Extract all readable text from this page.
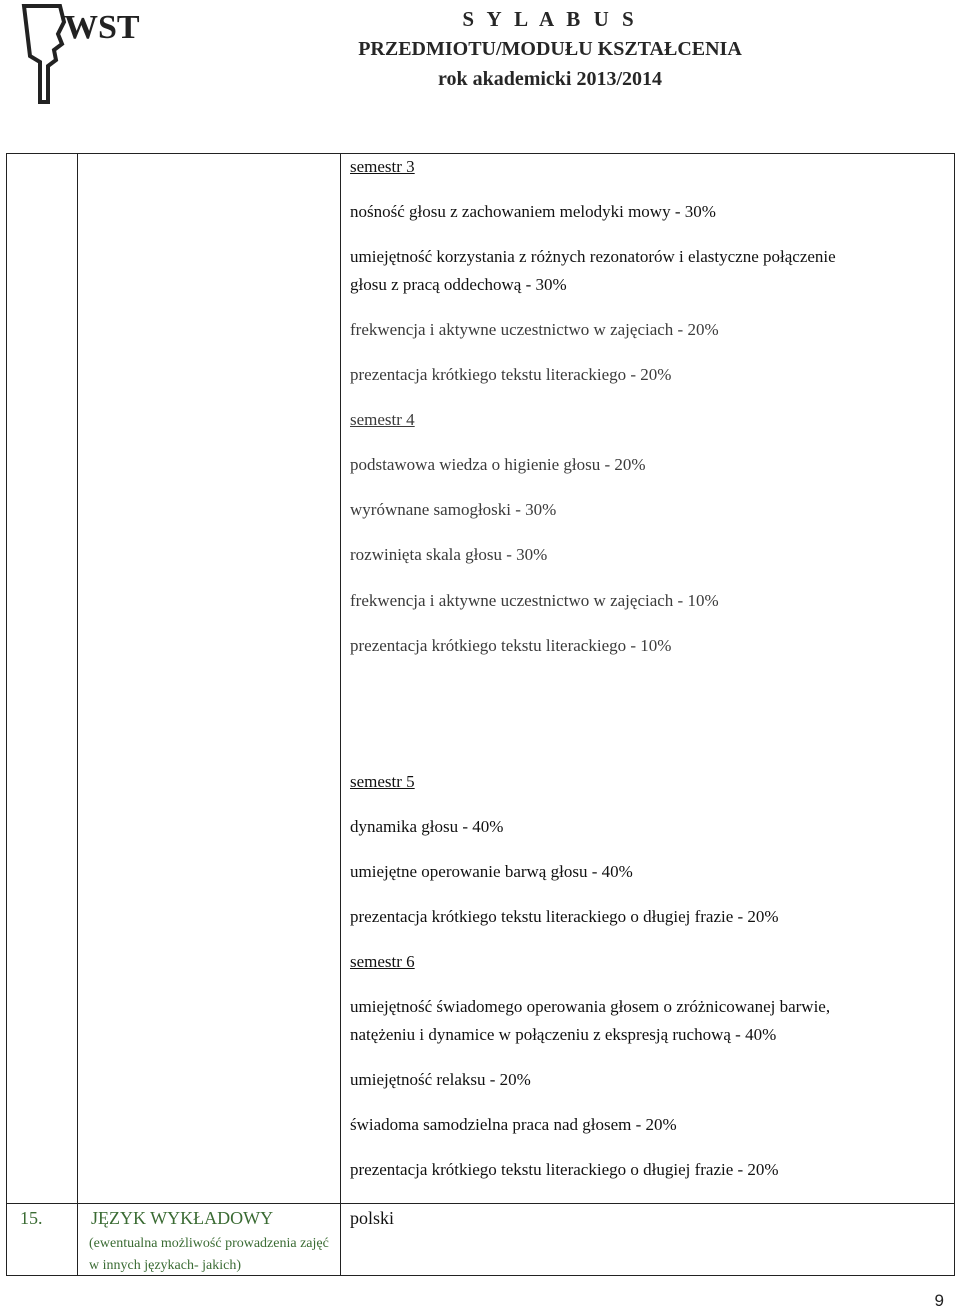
WST	S Y L A B U S
PRZEDMIOTU/MODUŁU KSZTAŁCENIA
rok akademicki 2013/2014
semestr 3
nośność głosu z zachowaniem melodyki mowy - 30%
umiejętność korzystania z różnych rezonatorów i elastyczne połączenie
głosu z pracą oddechową - 30%
frekwencja i aktywne uczestnictwo w zajęciach - 20%
prezentacja krótkiego tekstu literackiego - 20%
semestr 4
podstawowa wiedza o higienie głosu - 20%
wyrównane samogłoski - 30%
rozwinięta skala głosu - 30%
frekwencja i aktywne uczestnictwo w zajęciach - 10%
prezentacja krótkiego tekstu literackiego - 10%
semestr 5
dynamika głosu - 40%
umiejętne operowanie barwą głosu - 40%
prezentacja krótkiego tekstu literackiego o długiej frazie - 20%
semestr 6
umiejętność świadomego operowania głosem o zróżnicowanej barwie,
natężeniu i dynamice w połączeniu z ekspresją ruchową - 40%
umiejętność relaksu - 20%
świadoma samodzielna praca nad głosem - 20%
prezentacja krótkiego tekstu literackiego o długiej frazie - 20%
15.	JĘZYK WYKŁADOWY
(ewentualna możliwość prowadzenia zajęć w innych językach- jakich)
polski
9
